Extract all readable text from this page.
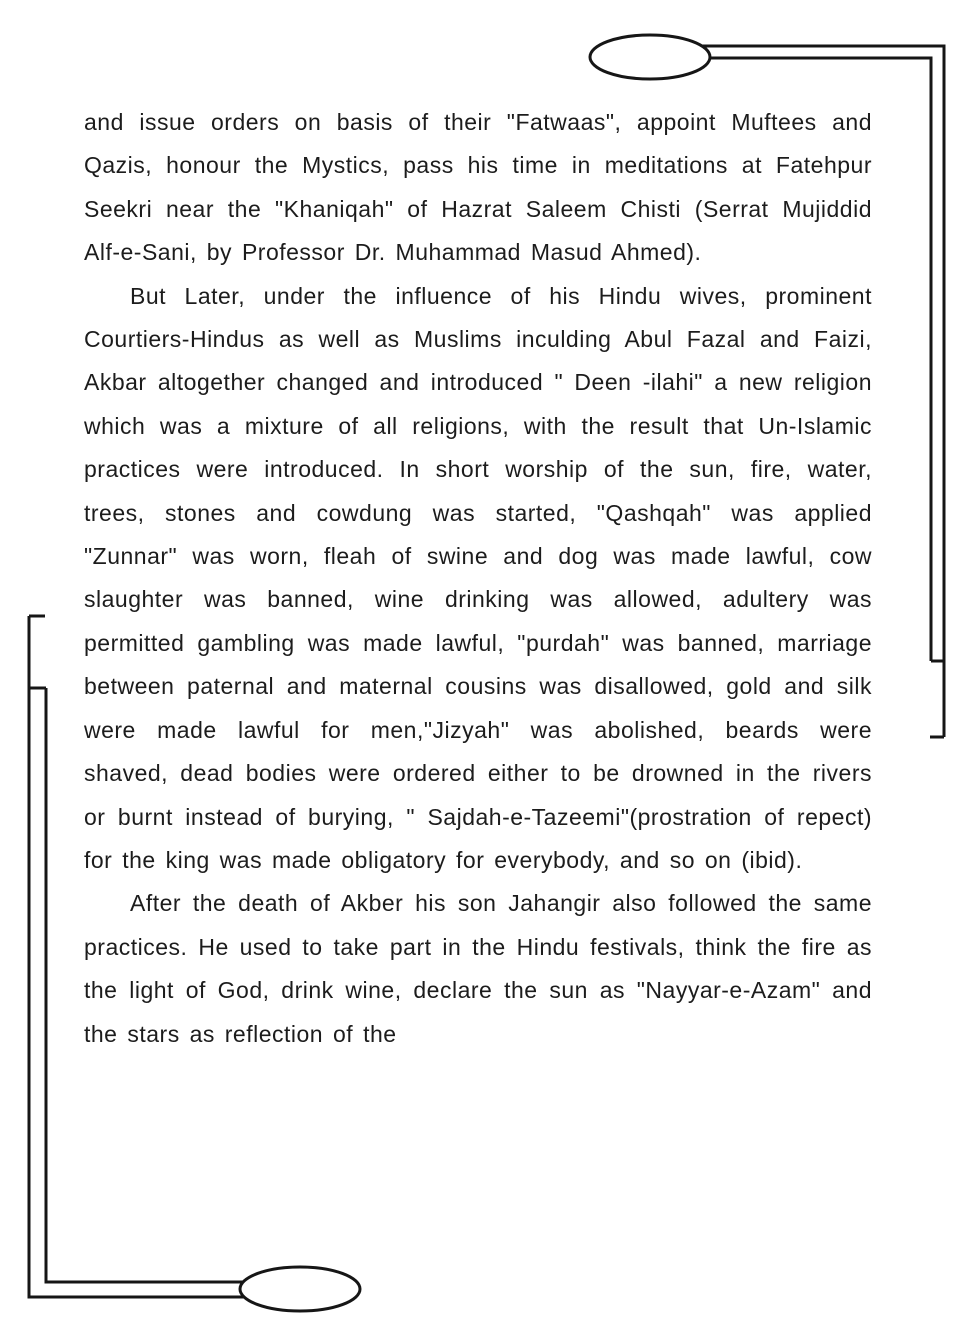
and issue orders on basis of their "Fatwaas", appoint Muftees and Qazis, honour the Mystics, pass his time in meditations at Fatehpur Seekri near the "Khaniqah" of Hazrat Saleem Chisti (Serrat Mujiddid Alf-e-Sani, by Professor Dr. Muhammad Masud Ahmed).

But Later, under the influence of his Hindu wives, prominent Courtiers-Hindus as well as Muslims inculding Abul Fazal and Faizi, Akbar altogether changed and introduced " Deen -ilahi" a new religion which was a mixture of all religions, with the result that Un-Islamic practices were introduced. In short worship of the sun, fire, water, trees, stones and cowdung was started, "Qashqah" was applied "Zunnar" was worn, fleah of swine and dog was made lawful, cow slaughter was banned, wine drinking was allowed, adultery was permitted gambling was made lawful, "purdah" was banned, marriage between paternal and maternal cousins was disallowed, gold and silk were made lawful for men,"Jizyah" was abolished, beards were shaved, dead bodies were ordered either to be drowned in the rivers or burnt instead of burying, " Sajdah-e-Tazeemi"(prostration of repect) for the king was made obligatory for everybody, and so on (ibid).

After the death of Akber his son Jahangir also followed the same practices. He used to take part in the Hindu festivals, think the fire as the light of God, drink wine, declare the sun as "Nayyar-e-Azam" and the stars as reflection of the
